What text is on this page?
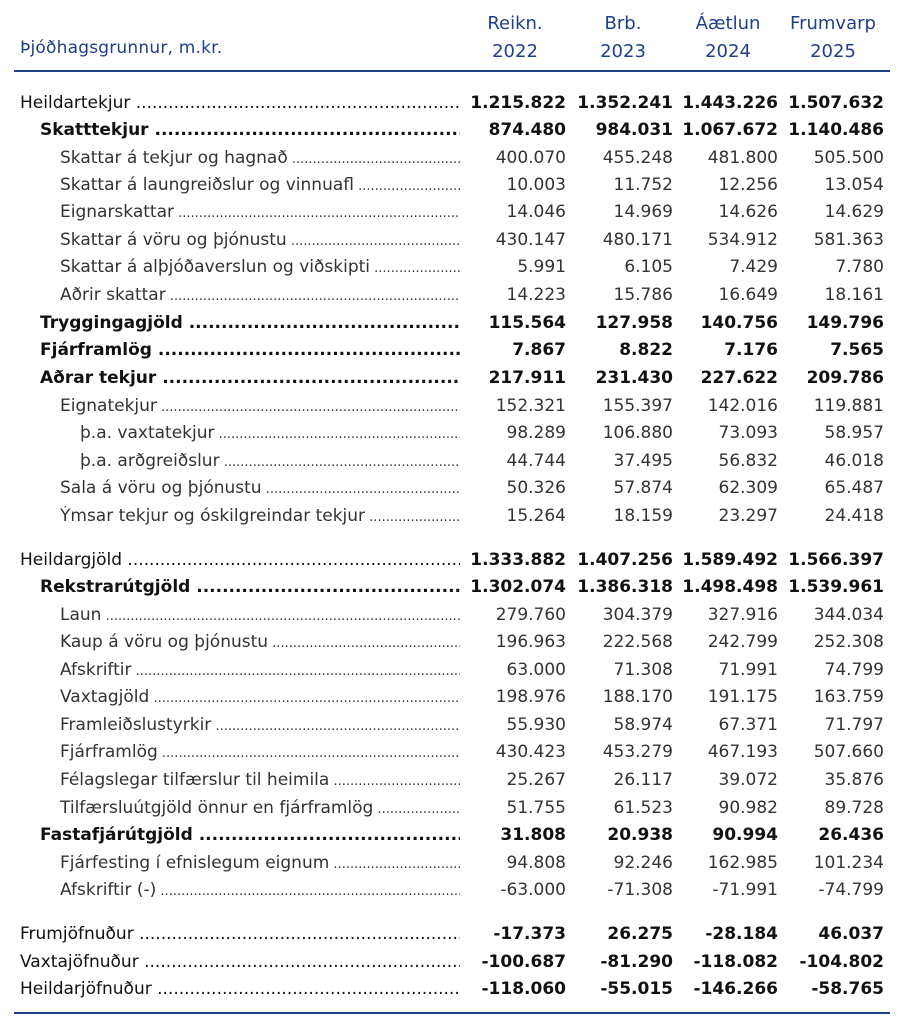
Þjóðhagsgrunnur, m.kr.
Reikn.
2022
Brb.
2023
Áætlun
2024
Frumvarp
2025
Heildartekjur .....	1.215.822 1.352.241 1.443.226 1.507.632
Skatttekjur .....	874.480	984.031 1.067.672 1.140.486
Skattar á tekjur og hagnað .....	400.070	455.248	481.800	505.500
Skattar á laungreiðslur og vinnuafl .....	10.003	11.752	12.256	13.054
Eignarskattar .....	14.046	14.969	14.626	14.629
Skattar á vöru og þjónustu .....	430.147	480.171	534.912	581.363
Skattar á alþjóðaverslun og viðskipti .....	5.991	6.105	7.429	7.780
Aðrir skattar .....	14.223	15.786	16.649	18.161
Tryggingagjöld .....	115.564	127.958	140.756	149.796
Fjárframlög .....	7.867	8.822	7.176	7.565
Aðrar tekjur .....	217.911	231.430	227.622	209.786
Eignatekjur .....	152.321	155.397	142.016	119.881
þ.a. vaxtatekjur .....	98.289	106.880	73.093	58.957
þ.a. arðgreiðslur .....	44.744	37.495	56.832	46.018
Sala á vöru og þjónustu .....	50.326	57.874	62.309	65.487
Ýmsar tekjur og óskilgreindar tekjur .....	15.264	18.159	23.297	24.418
Heildargjöld .....	1.333.882 1.407.256 1.589.492 1.566.397
Rekstrarútgjöld .....	1.302.074 1.386.318 1.498.498 1.539.961
Laun .....	279.760	304.379	327.916	344.034
Kaup á vöru og þjónustu .....	196.963	222.568	242.799	252.308
Afskriftir .....	63.000	71.308	71.991	74.799
Vaxtagjöld .....	198.976	188.170	191.175	163.759
Framleiðslustyrkir .....	55.930	58.974	67.371	71.797
Fjárframlög .....	430.423	453.279	467.193	507.660
Félagslegar tilfærslur til heimila .....	25.267	26.117	39.072	35.876
Tilfærsluútgjöld önnur en fjárframlög .....	51.755	61.523	90.982	89.728
Fastafjárútgjöld .....	31.808	20.938	90.994	26.436
Fjárfesting í efnislegum eignum .....	94.808	92.246	162.985	101.234
Afskriftir (-) .....	-63.000	-71.308	-71.991	-74.799
Frumjöfnuður .....	-17.373	26.275	-28.184	46.037
Vaxtajöfnuður .....	-100.687	-81.290	-118.082	-104.802
Heildarjöfnuður .....	-118.060	-55.015	-146.266	-58.765
